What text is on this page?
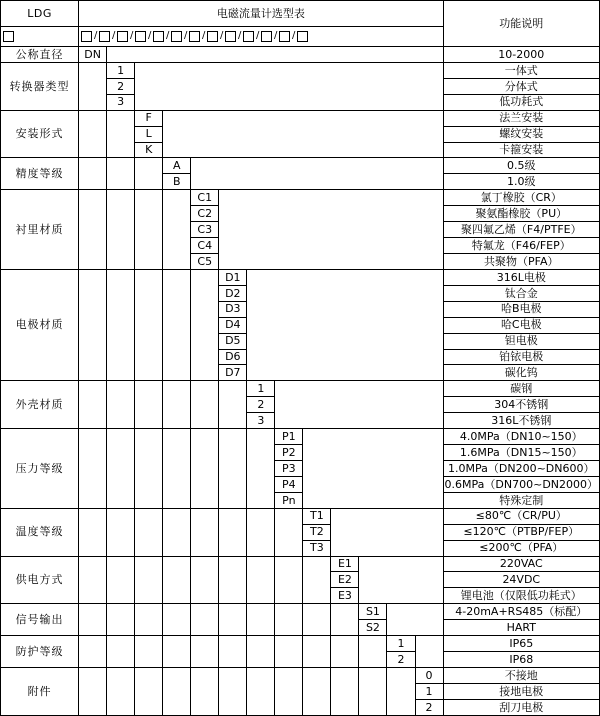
LDG	电磁流量计选型表													功能说明

/ / / / / / / / / / / /

公称直径	DN													10-2000
转换器类型		1												一体式
		2												分体式
		3												低功耗式
安装形式			F											法兰安装
			L											螺纹安装
			K											卡箍安装
精度等级				A										0.5级
				B										1.0级
衬里材质					C1									氯丁橡胶（CR）
					C2									聚氨酯橡胶（PU）
					C3									聚四氟乙烯（F4/PTFE）
					C4									特氟龙（F46/FEP）
					C5									共聚物（PFA）
电极材质						D1								316L电极
						D2								钛合金
						D3								哈B电极
						D4								哈C电极
						D5								钽电极
						D6								铂铱电极
						D7								碳化钨
外壳材质							1							碳钢
							2							304不锈钢
							3							316L不锈钢
压力等级								P1						4.0MPa（DN10~150）
								P2						1.6MPa（DN15~150）
								P3						1.0MPa（DN200~DN600）
								P4						0.6MPa（DN700~DN2000）
								Pn						特殊定制
温度等级									T1					≤80℃（CR/PU）
									T2					≤120℃（PTBP/FEP）
									T3					≤200℃（PFA）
供电方式										E1				220VAC
										E2				24VDC
										E3				锂电池（仅限低功耗式）
信号输出											S1			4-20mA+RS485（标配）
											S2			HART
防护等级												1		IP65
												2		IP68
附件													0	不接地
													1	接地电极
													2	刮刀电极
